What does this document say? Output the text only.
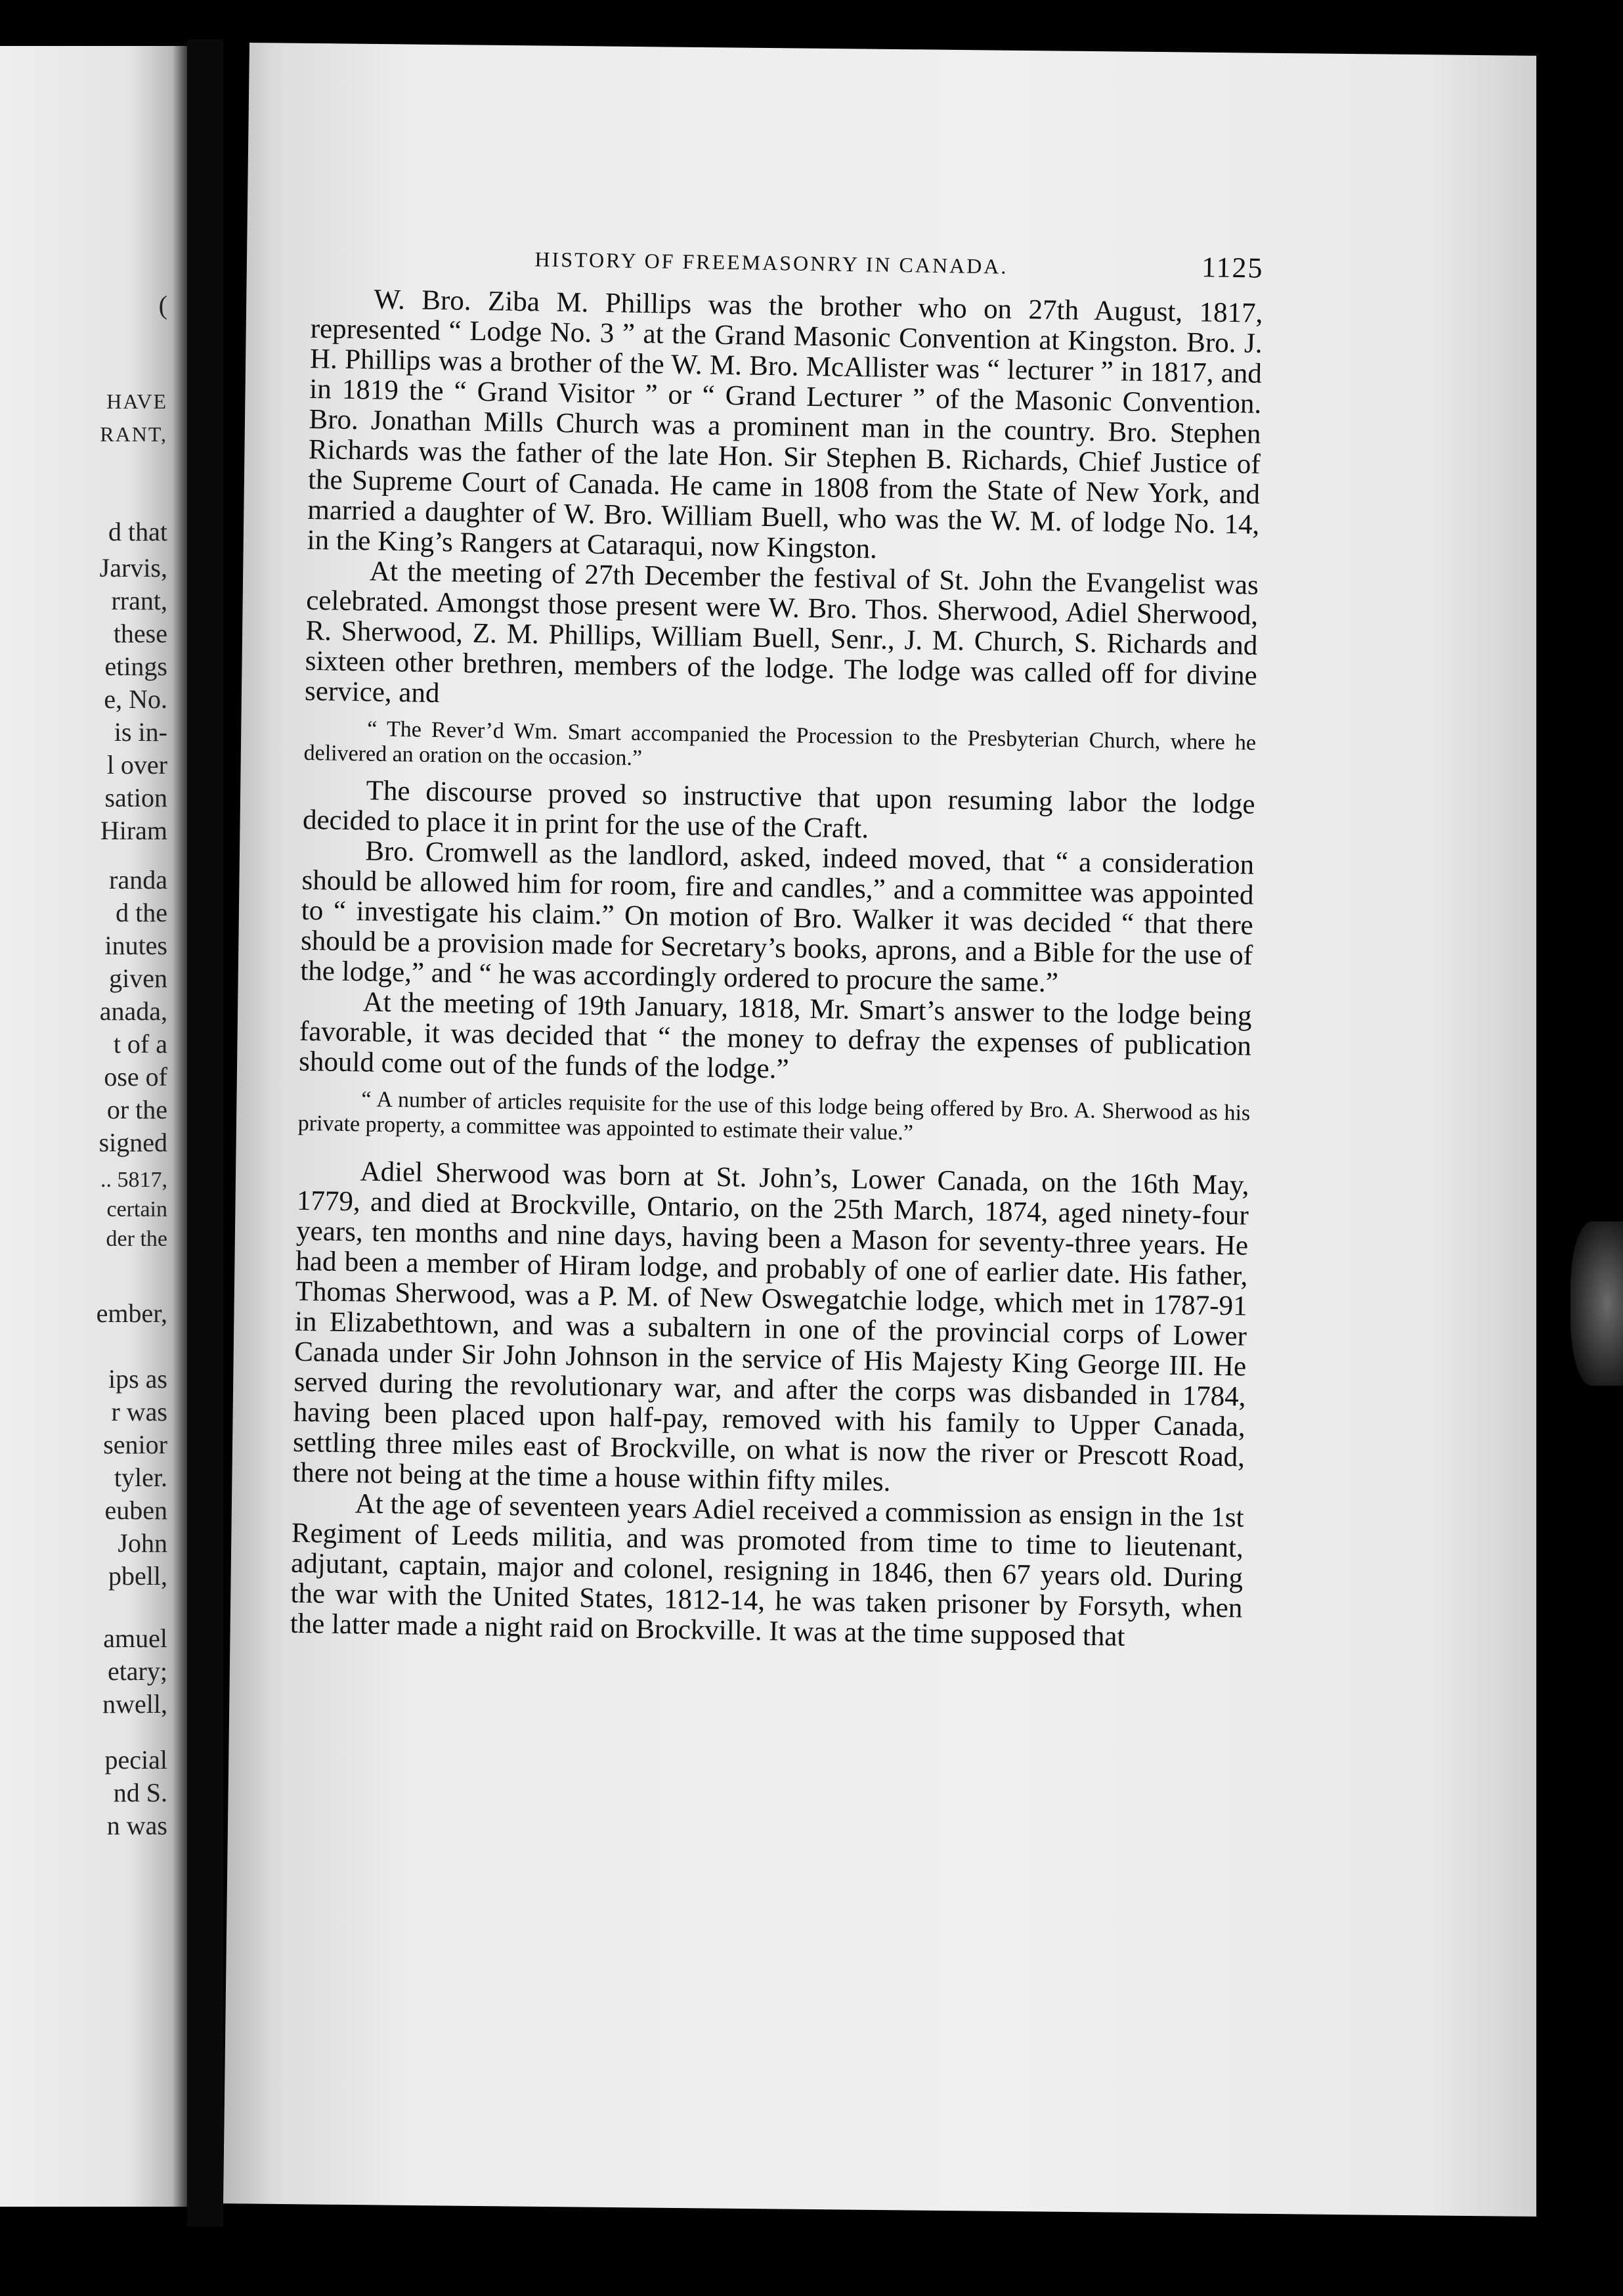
(
HAVE
RANT,
d that
Jarvis,
rrant,
these
etings
e, No.
is in-
l over
sation
Hiram
randa
d the
inutes
given
anada,
t of a
ose of
or the
signed
.. 5817,
certain
der the
ember,
ips as
r was
senior
tyler.
euben
John
pbell,
amuel
etary;
nwell,
pecial
nd S.
n was
HISTORY OF FREEMASONRY IN CANADA.	1125

W. Bro. Ziba M. Phillips was the brother who on 27th August, 1817, represented “ Lodge No. 3 ” at the Grand Masonic Convention at Kingston. Bro. J. H. Phillips was a brother of the W. M. Bro. McAllister was “ lecturer ” in 1817, and in 1819 the “ Grand Visitor ” or “ Grand Lecturer ” of the Masonic Convention. Bro. Jonathan Mills Church was a prominent man in the country. Bro. Stephen Richards was the father of the late Hon. Sir Stephen B. Richards, Chief Justice of the Supreme Court of Canada. He came in 1808 from the State of New York, and married a daughter of W. Bro. William Buell, who was the W. M. of lodge No. 14, in the King’s Rangers at Cataraqui, now Kingston.

At the meeting of 27th December the festival of St. John the Evangelist was celebrated. Amongst those present were W. Bro. Thos. Sherwood, Adiel Sherwood, R. Sherwood, Z. M. Phillips, William Buell, Senr., J. M. Church, S. Richards and sixteen other brethren, members of the lodge. The lodge was called off for divine service, and

“ The Rever’d Wm. Smart accompanied the Procession to the Presbyterian Church, where he delivered an oration on the occasion.”

The discourse proved so instructive that upon resuming labor the lodge decided to place it in print for the use of the Craft.

Bro. Cromwell as the landlord, asked, indeed moved, that “ a consideration should be allowed him for room, fire and candles,” and a committee was appointed to “ investigate his claim.” On motion of Bro. Walker it was decided “ that there should be a provision made for Secretary’s books, aprons, and a Bible for the use of the lodge,” and “ he was accordingly ordered to procure the same.”

At the meeting of 19th January, 1818, Mr. Smart’s answer to the lodge being favorable, it was decided that “ the money to defray the expenses of publication should come out of the funds of the lodge.”

“ A number of articles requisite for the use of this lodge being offered by Bro. A. Sherwood as his private property, a committee was appointed to estimate their value.”

Adiel Sherwood was born at St. John’s, Lower Canada, on the 16th May, 1779, and died at Brockville, Ontario, on the 25th March, 1874, aged ninety-four years, ten months and nine days, having been a Mason for seventy-three years. He had been a member of Hiram lodge, and probably of one of earlier date. His father, Thomas Sherwood, was a P. M. of New Oswegatchie lodge, which met in 1787-91 in Elizabethtown, and was a subaltern in one of the provincial corps of Lower Canada under Sir John Johnson in the service of His Majesty King George III. He served during the revolutionary war, and after the corps was disbanded in 1784, having been placed upon half-pay, removed with his family to Upper Canada, settling three miles east of Brockville, on what is now the river or Prescott Road, there not being at the time a house within fifty miles.

At the age of seventeen years Adiel received a commission as ensign in the 1st Regiment of Leeds militia, and was promoted from time to time to lieutenant, adjutant, captain, major and colonel, resigning in 1846, then 67 years old. During the war with the United States, 1812-14, he was taken prisoner by Forsyth, when the latter made a night raid on Brockville. It was at the time supposed that
